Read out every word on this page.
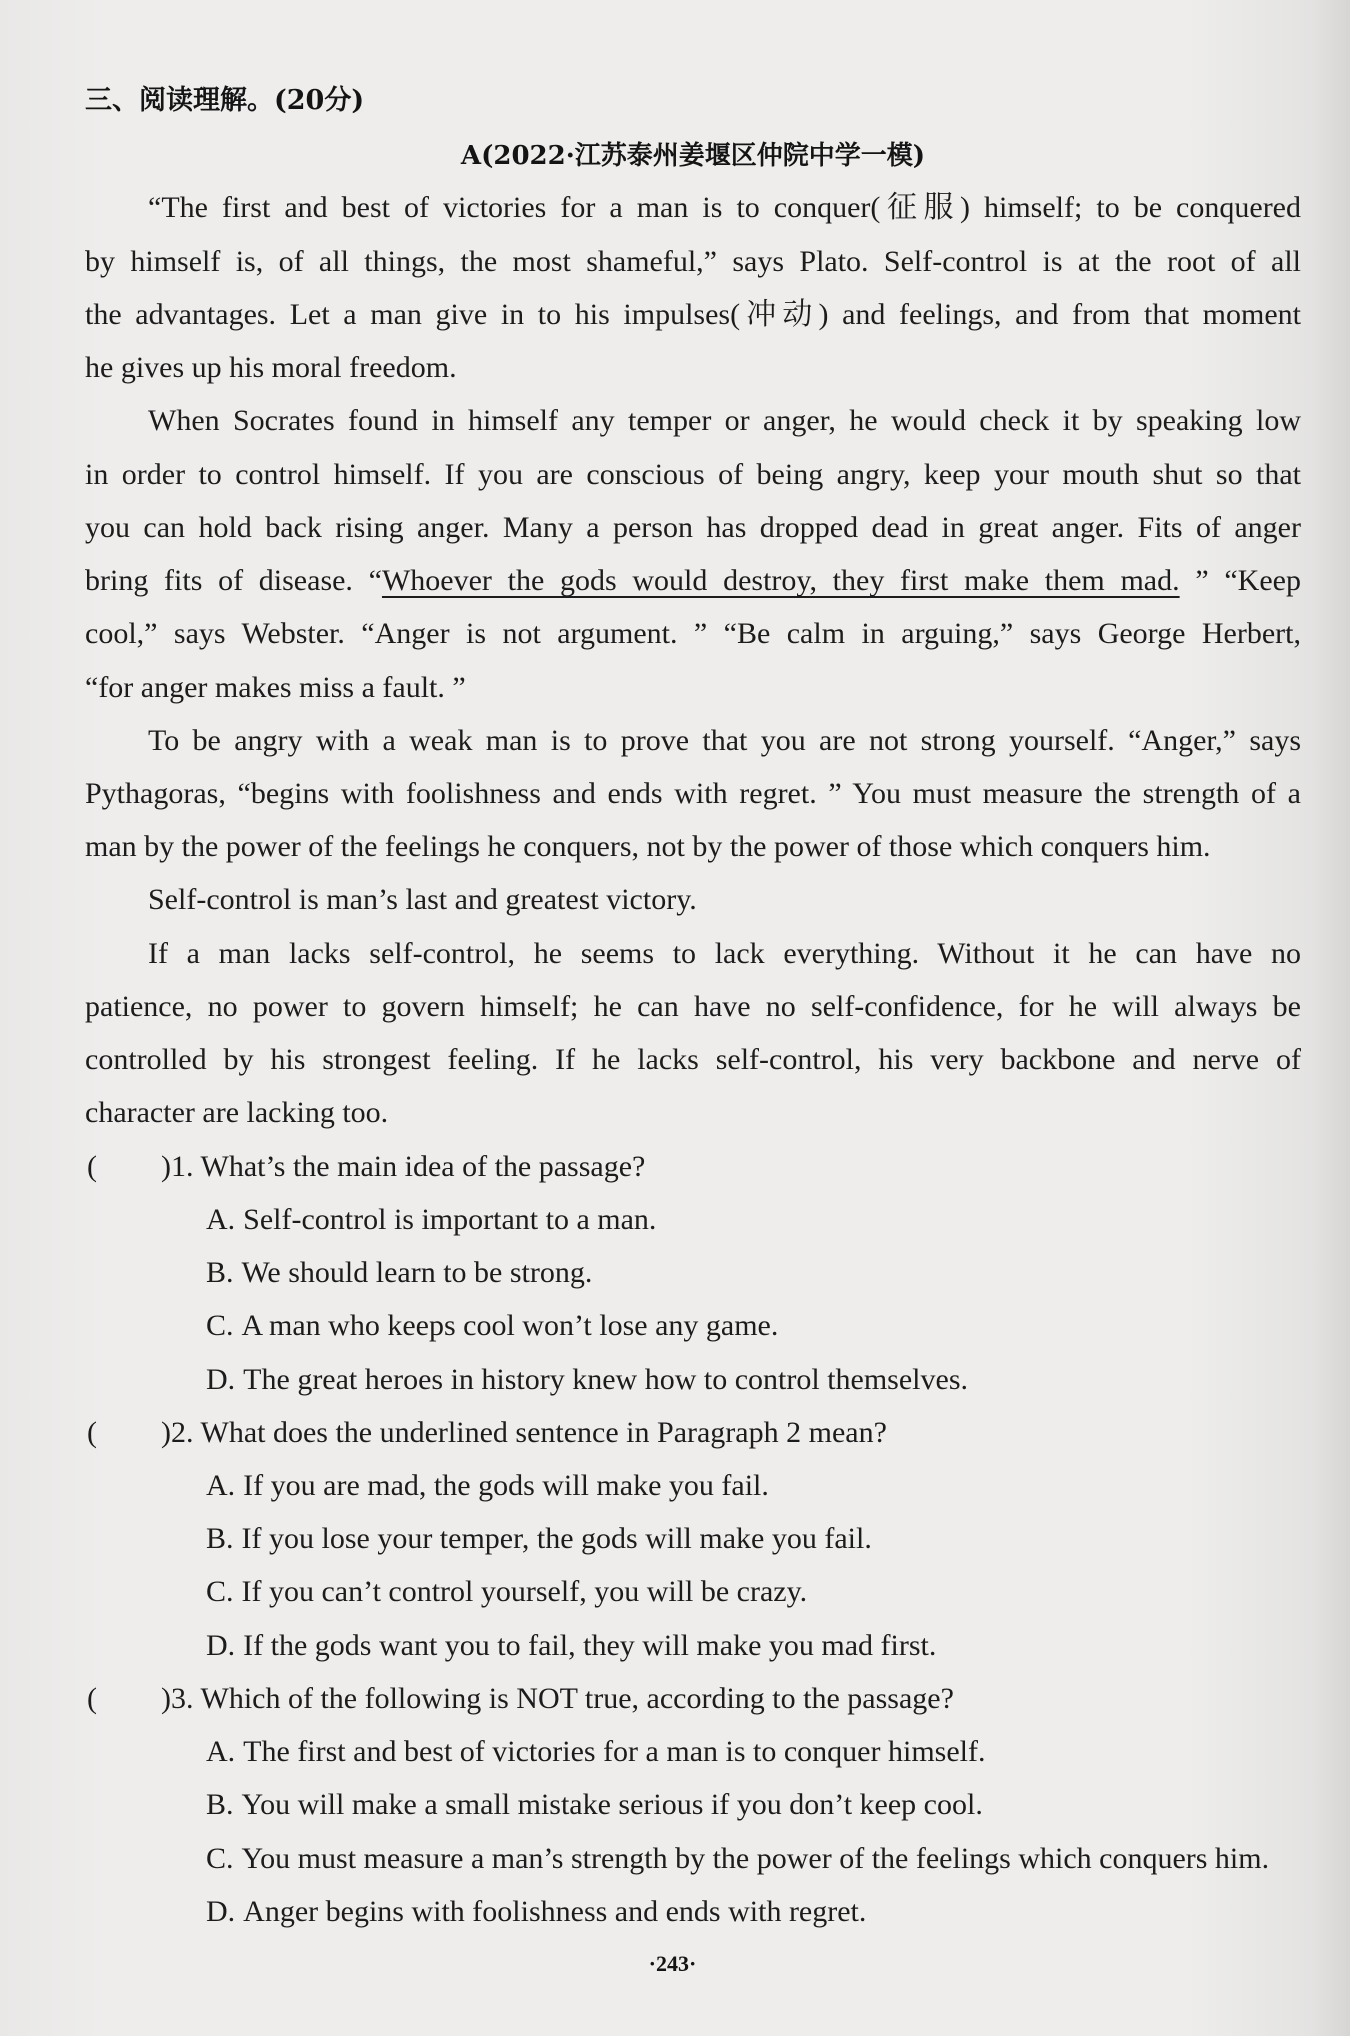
三、阅读理解。(20分)
A(2022·江苏泰州姜堰区仲院中学一模)
“The first and best of victories for a man is to conquer(征服) himself; to be conquered
by himself is, of all things, the most shameful,” says Plato. Self-control is at the root of all
the advantages. Let a man give in to his impulses(冲动) and feelings, and from that moment
he gives up his moral freedom.
When Socrates found in himself any temper or anger, he would check it by speaking low
in order to control himself. If you are conscious of being angry, keep your mouth shut so that
you can hold back rising anger. Many a person has dropped dead in great anger. Fits of anger
bring fits of disease. “Whoever the gods would destroy, they first make them mad. ” “Keep
cool,” says Webster. “Anger is not argument. ” “Be calm in arguing,” says George Herbert,
“for anger makes miss a fault. ”
To be angry with a weak man is to prove that you are not strong yourself. “Anger,” says
Pythagoras, “begins with foolishness and ends with regret. ” You must measure the strength of a
man by the power of the feelings he conquers, not by the power of those which conquers him.
Self-control is man’s last and greatest victory.
If a man lacks self-control, he seems to lack everything. Without it he can have no
patience, no power to govern himself; he can have no self-confidence, for he will always be
controlled by his strongest feeling. If he lacks self-control, his very backbone and nerve of
character are lacking too.
( ) 1. What’s the main idea of the passage?
A. Self-control is important to a man.
B. We should learn to be strong.
C. A man who keeps cool won’t lose any game.
D. The great heroes in history knew how to control themselves.
( ) 2. What does the underlined sentence in Paragraph 2 mean?
A. If you are mad, the gods will make you fail.
B. If you lose your temper, the gods will make you fail.
C. If you can’t control yourself, you will be crazy.
D. If the gods want you to fail, they will make you mad first.
( ) 3. Which of the following is NOT true, according to the passage?
A. The first and best of victories for a man is to conquer himself.
B. You will make a small mistake serious if you don’t keep cool.
C. You must measure a man’s strength by the power of the feelings which conquers him.
D. Anger begins with foolishness and ends with regret.
·243·
